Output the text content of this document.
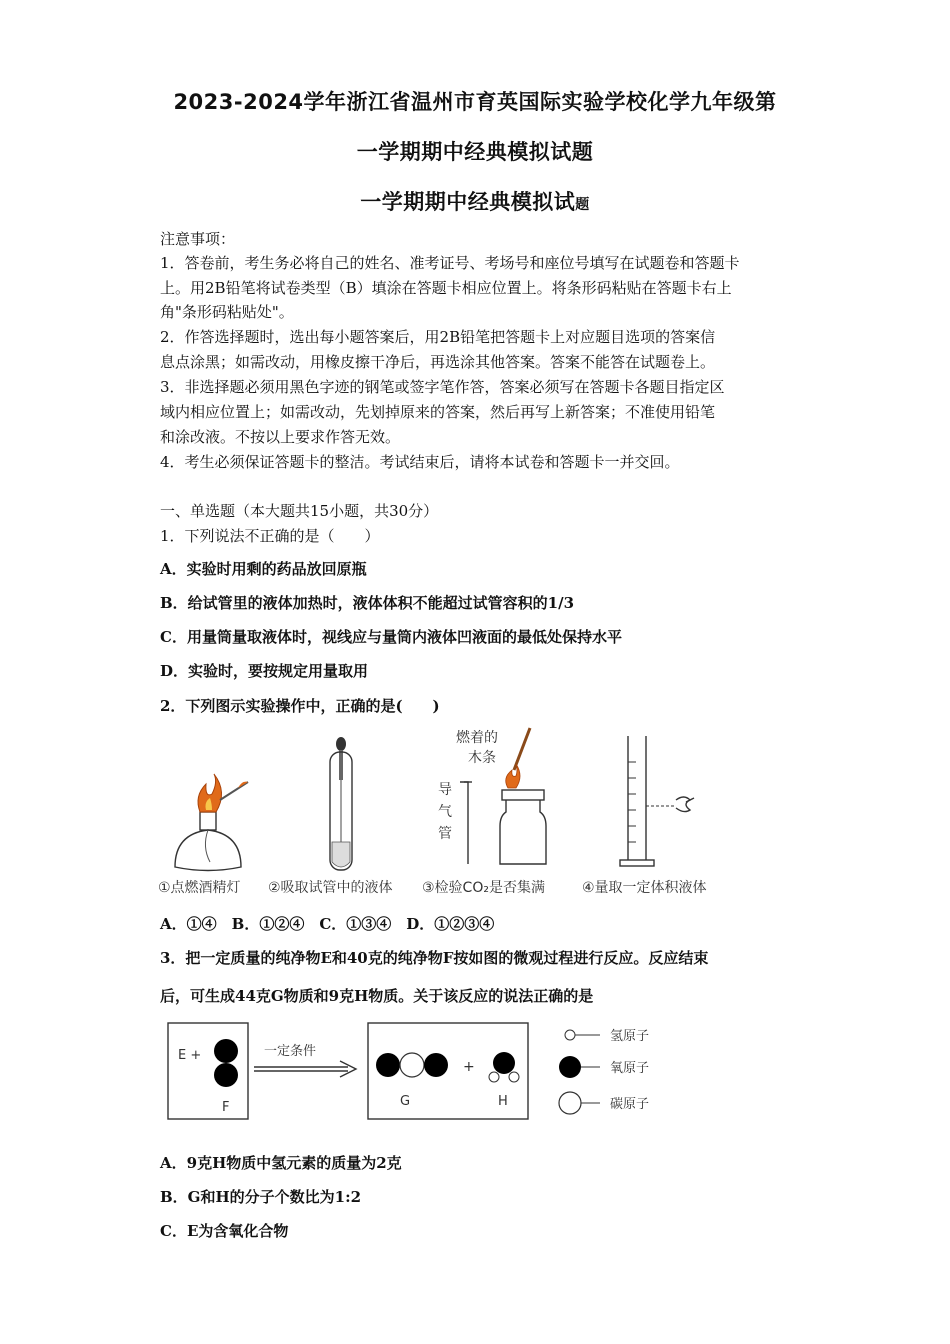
2023-2024学年浙江省温州市育英国际实验学校化学九年级第
一学期期中经典模拟试题
一学期期中经典模拟试题
注意事项：
1．答卷前，考生务必将自己的姓名、准考证号、考场号和座位号填写在试题卷和答题卡
上。用2B铅笔将试卷类型（B）填涂在答题卡相应位置上。将条形码粘贴在答题卡右上
角"条形码粘贴处"。
2．作答选择题时，选出每小题答案后，用2B铅笔把答题卡上对应题目选项的答案信
息点涂黑；如需改动，用橡皮擦干净后，再选涂其他答案。答案不能答在试题卷上。
3．非选择题必须用黑色字迹的钢笔或签字笔作答，答案必须写在答题卡各题目指定区
域内相应位置上；如需改动，先划掉原来的答案，然后再写上新答案；不准使用铅笔
和涂改液。不按以上要求作答无效。
4．考生必须保证答题卡的整洁。考试结束后，请将本试卷和答题卡一并交回。
一、单选题（本大题共15小题，共30分）
1．下列说法不正确的是（　　）
A．实验时用剩的药品放回原瓶
B．给试管里的液体加热时，液体体积不能超过试管容积的1/3
C．用量筒量取液体时，视线应与量筒内液体凹液面的最低处保持水平
D．实验时，要按规定用量取用
2．下列图示实验操作中，正确的是(　　)
燃着的
木条
导
气
管
①点燃酒精灯 ②吸取试管中的液体 ③检验CO₂是否集满	④量取一定体积液体
A．①④　B．①②④　C．①③④　D．①②③④
3．把一定质量的纯净物E和40克的纯净物F按如图的微观过程进行反应。反应结束
后，可生成44克G物质和9克H物质。关于该反应的说法正确的是
E +
F
一定条件
G
+
H
氢原子
氧原子
碳原子
A．9克H物质中氢元素的质量为2克
B．G和H的分子个数比为1:2
C．E为含氧化合物
